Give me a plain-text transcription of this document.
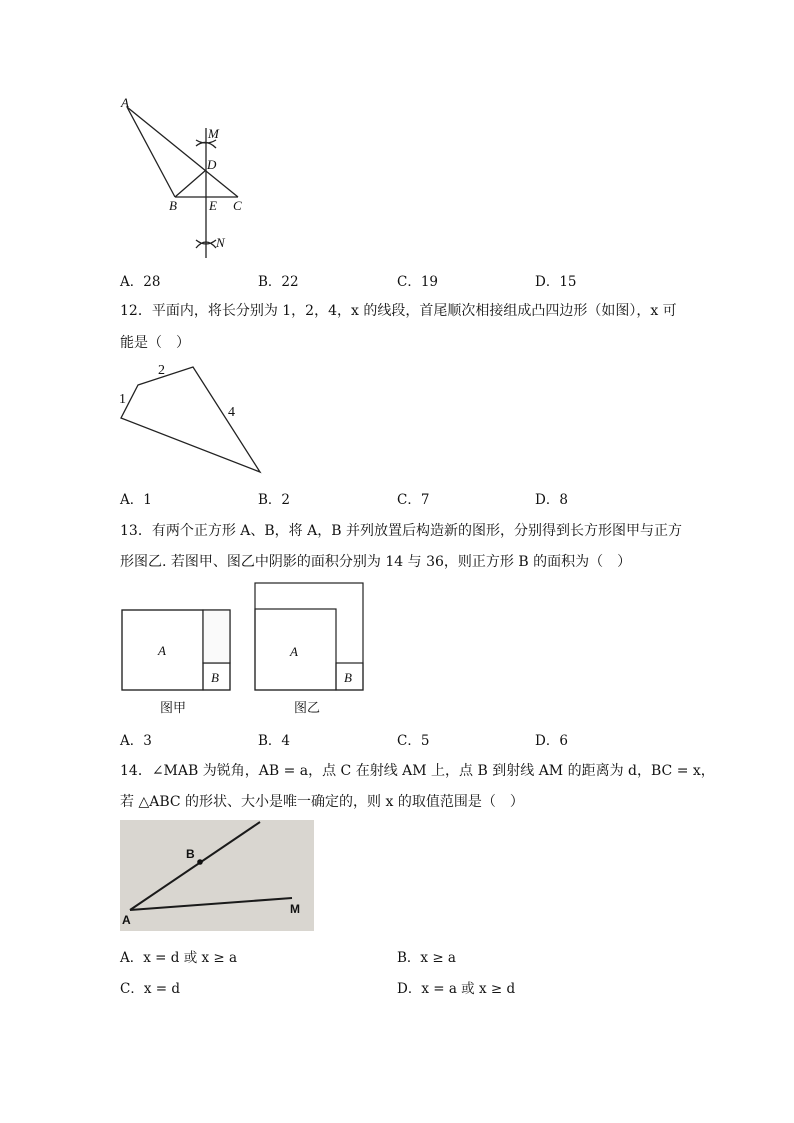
A
M
D
B E C
N
A．28	B．22	C．19	D．15
12．平面内，将长分别为 1，2，4，x 的线段，首尾顺次相接组成凸四边形（如图），x 可
能是（　）
1
2
4
A．1	B．2	C．7	D．8
13．有两个正方形 A、B，将 A，B 并列放置后构造新的图形，分别得到长方形图甲与正方
形图乙. 若图甲、图乙中阴影的面积分别为 14 与 36，则正方形 B 的面积为（　）
A
B
图甲
A
B
图乙
A．3	B．4	C．5	D．6
14．∠MAB 为锐角，AB = a，点 C 在射线 AM 上，点 B 到射线 AM 的距离为 d，BC = x，
若 △ABC 的形状、大小是唯一确定的，则 x 的取值范围是（　）
A
B
M
A．x = d 或 x ≥ a	B．x ≥ a
C．x = d	D．x = a 或 x ≥ d
